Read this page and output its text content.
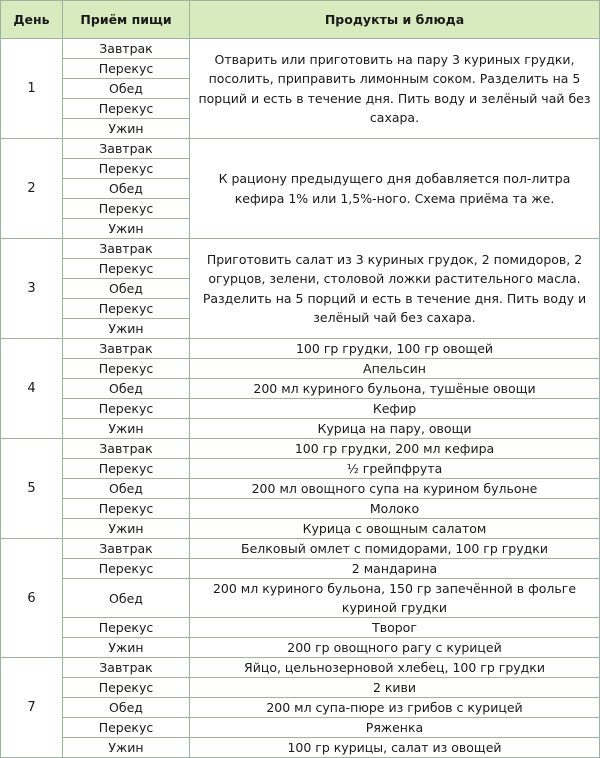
День	Приём пищи	Продукты и блюда
1	Завтрак	Отварить или приготовить на пару 3 куриных грудки, посолить, приправить лимонным соком. Разделить на 5 порций и есть в течение дня. Пить воду и зелёный чай без сахара.
	Перекус	
	Обед	
	Перекус	
	Ужин	
2	Завтрак	К рациону предыдущего дня добавляется пол-литра кефира 1% или 1,5%-ного. Схема приёма та же.
	Перекус	
	Обед	
	Перекус	
	Ужин	
3	Завтрак	Приготовить салат из 3 куриных грудок, 2 помидоров, 2 огурцов, зелени, столовой ложки растительного масла. Разделить на 5 порций и есть в течение дня. Пить воду и зелёный чай без сахара.
	Перекус	
	Обед	
	Перекус	
	Ужин	
4	Завтрак	100 гр грудки, 100 гр овощей
	Перекус	Апельсин
	Обед	200 мл куриного бульона, тушёные овощи
	Перекус	Кефир
	Ужин	Курица на пару, овощи
5	Завтрак	100 гр грудки, 200 мл кефира
	Перекус	½ грейпфрута
	Обед	200 мл овощного супа на курином бульоне
	Перекус	Молоко
	Ужин	Курица с овощным салатом
6	Завтрак	Белковый омлет с помидорами, 100 гр грудки
	Перекус	2 мандарина
	Обед	200 мл куриного бульона, 150 гр запечённой в фольге куриной грудки
	Перекус	Творог
	Ужин	200 гр овощного рагу с курицей
7	Завтрак	Яйцо, цельнозерновой хлебец, 100 гр грудки
	Перекус	2 киви
	Обед	200 мл супа-пюре из грибов с курицей
	Перекус	Ряженка
	Ужин	100 гр курицы, салат из овощей
